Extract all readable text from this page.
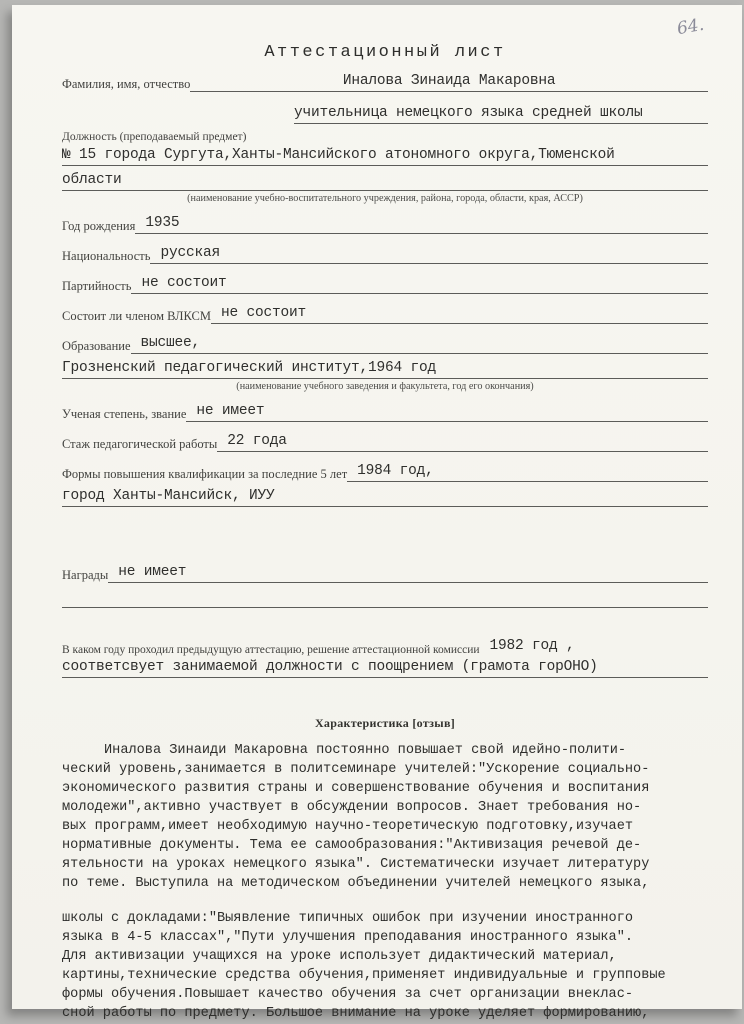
64.
Аттестационный лист
Фамилия, имя, отчество	Иналова Зинаида Макаровна
учительница немецкого языка средней школы
Должность (преподаваемый предмет)
№ 15 города Сургута,Ханты-Мансийского атономного округа,Тюменской
области
(наименование учебно-воспитательного учреждения, района, города, области, края, АССР)
Год рождения 1935
Национальность русская
Партийность не состоит
Состоит ли членом ВЛКСМ не состоит
Образование высшее,
Грозненский педагогический институт,1964 год
(наименование учебного заведения и факультета, год его окончания)
Ученая степень, звание не имеет
Стаж педагогической работы 22 года
Формы повышения квалификации за последние 5 лет 1984 год,
город Ханты-Мансийск, ИУУ
Награды не имеет
В каком году проходил предыдущую аттестацию, решение аттестационной комиссии 1982 год ,
соответсвует занимаемой должности с поощрением (грамота горОНО)
Характеристика [отзыв]
Иналова Зинаиди Макаровна постоянно повышает свой идейно-полити-
ческий уровень,занимается в политсеминаре учителей:"Ускорение социально-
экономического развития страны и совершенствование обучения и воспитания
молодежи",активно участвует в обсуждении вопросов. Знает требования но-
вых программ,имеет необходимую научно-теоретическую подготовку,изучает
нормативные документы. Тема ее самообразования:"Активизация речевой де-
ятельности на уроках немецкого языка". Систематически изучает литературу
по теме. Выступила на методическом объединении учителей немецкого языка,
школы с докладами:"Выявление типичных ошибок при изучении иностранного
языка в 4-5 классах","Пути улучшения преподавания иностранного языка".
Для активизации учащихся на уроке использует дидактический материал,
картины,технические средства обучения,применяет индивидуальные и групповые
формы обучения.Повышает качество обучения за счет организации внеклас-
сной работы по предмету. Большое внимание на уроке уделяет формированию,
